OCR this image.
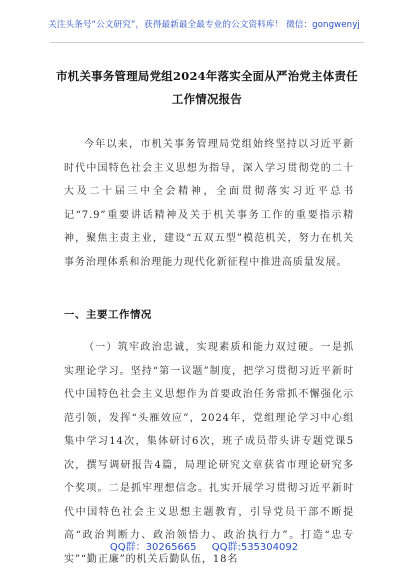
关注头条号“公文研究”，获得最新最全最专业的公文资料库！ 微信：gongwenyj
市机关事务管理局党组2024年落实全面从严治党主体责任
工作情况报告

今年以来，市机关事务管理局党组始终坚持以习近平新时代中国特色社会主义思想为指导，深入学习贯彻党的二十大及二十届三中全会精神，全面贯彻落实习近平总书记“7.9”重要讲话精神及关于机关事务工作的重要指示精神，聚焦主责主业，建设“五双五型”模范机关，努力在机关事务治理体系和治理能力现代化新征程中推进高质量发展。

一、主要工作情况

（一）筑牢政治忠诚，实现素质和能力双过硬。一是抓实理论学习。坚持“第一议题”制度，把学习贯彻习近平新时代中国特色社会主义思想作为首要政治任务常抓不懈强化示范引领，发挥“头雁效应”，2024年，党组理论学习中心组集中学习14次，集体研讨6次，班子成员带头讲专题党课5次，撰写调研报告4篇，局理论研究文章获省市理论研究多个奖项。二是抓牢理想信念。扎实开展学习贯彻习近平新时代中国特色社会主义思想主题教育，引导党员干部不断提高“政治判断力、政治领悟力、政治执行力”。打造“忠专实”“勤正廉”的机关后勤队伍，18名

QQ群：30265665 QQ群:535304092
